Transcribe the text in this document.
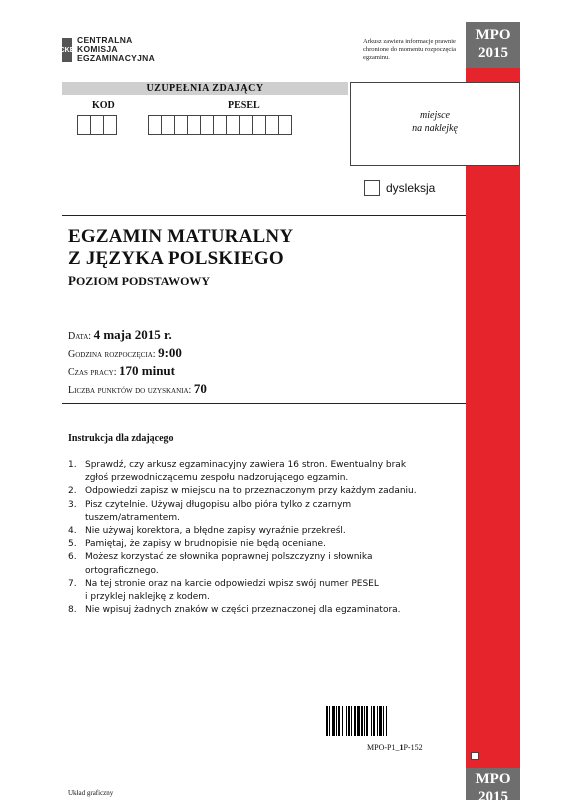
CKE
CENTRALNA
KOMISJA
EGZAMINACYJNA
Arkusz zawiera informacje prawnie chronione do momentu rozpoczęcia egzaminu.
MPO
2015
MPO
2015
UZUPEŁNIA ZDAJĄCY
KOD	PESEL
miejsce
na naklejkę
dysleksja
EGZAMIN MATURALNY
Z JĘZYKA POLSKIEGO
POZIOM PODSTAWOWY
Data: 4 maja 2015 r.
Godzina rozpoczęcia: 9:00
Czas pracy: 170 minut
Liczba punktów do uzyskania: 70
Instrukcja dla zdającego
1. Sprawdź, czy arkusz egzaminacyjny zawiera 16 stron. Ewentualny brak
zgłoś przewodniczącemu zespołu nadzorującego egzamin.
2. Odpowiedzi zapisz w miejscu na to przeznaczonym przy każdym zadaniu.
3. Pisz czytelnie. Używaj długopisu albo pióra tylko z czarnym
tuszem/atramentem.
4. Nie używaj korektora, a błędne zapisy wyraźnie przekreśl.
5. Pamiętaj, że zapisy w brudnopisie nie będą oceniane.
6. Możesz korzystać ze słownika poprawnej polszczyzny i słownika
ortograficznego.
7. Na tej stronie oraz na karcie odpowiedzi wpisz swój numer PESEL
i przyklej naklejkę z kodem.
8. Nie wpisuj żadnych znaków w części przeznaczonej dla egzaminatora.
MPO-P1_1P-152
Układ graficzny
